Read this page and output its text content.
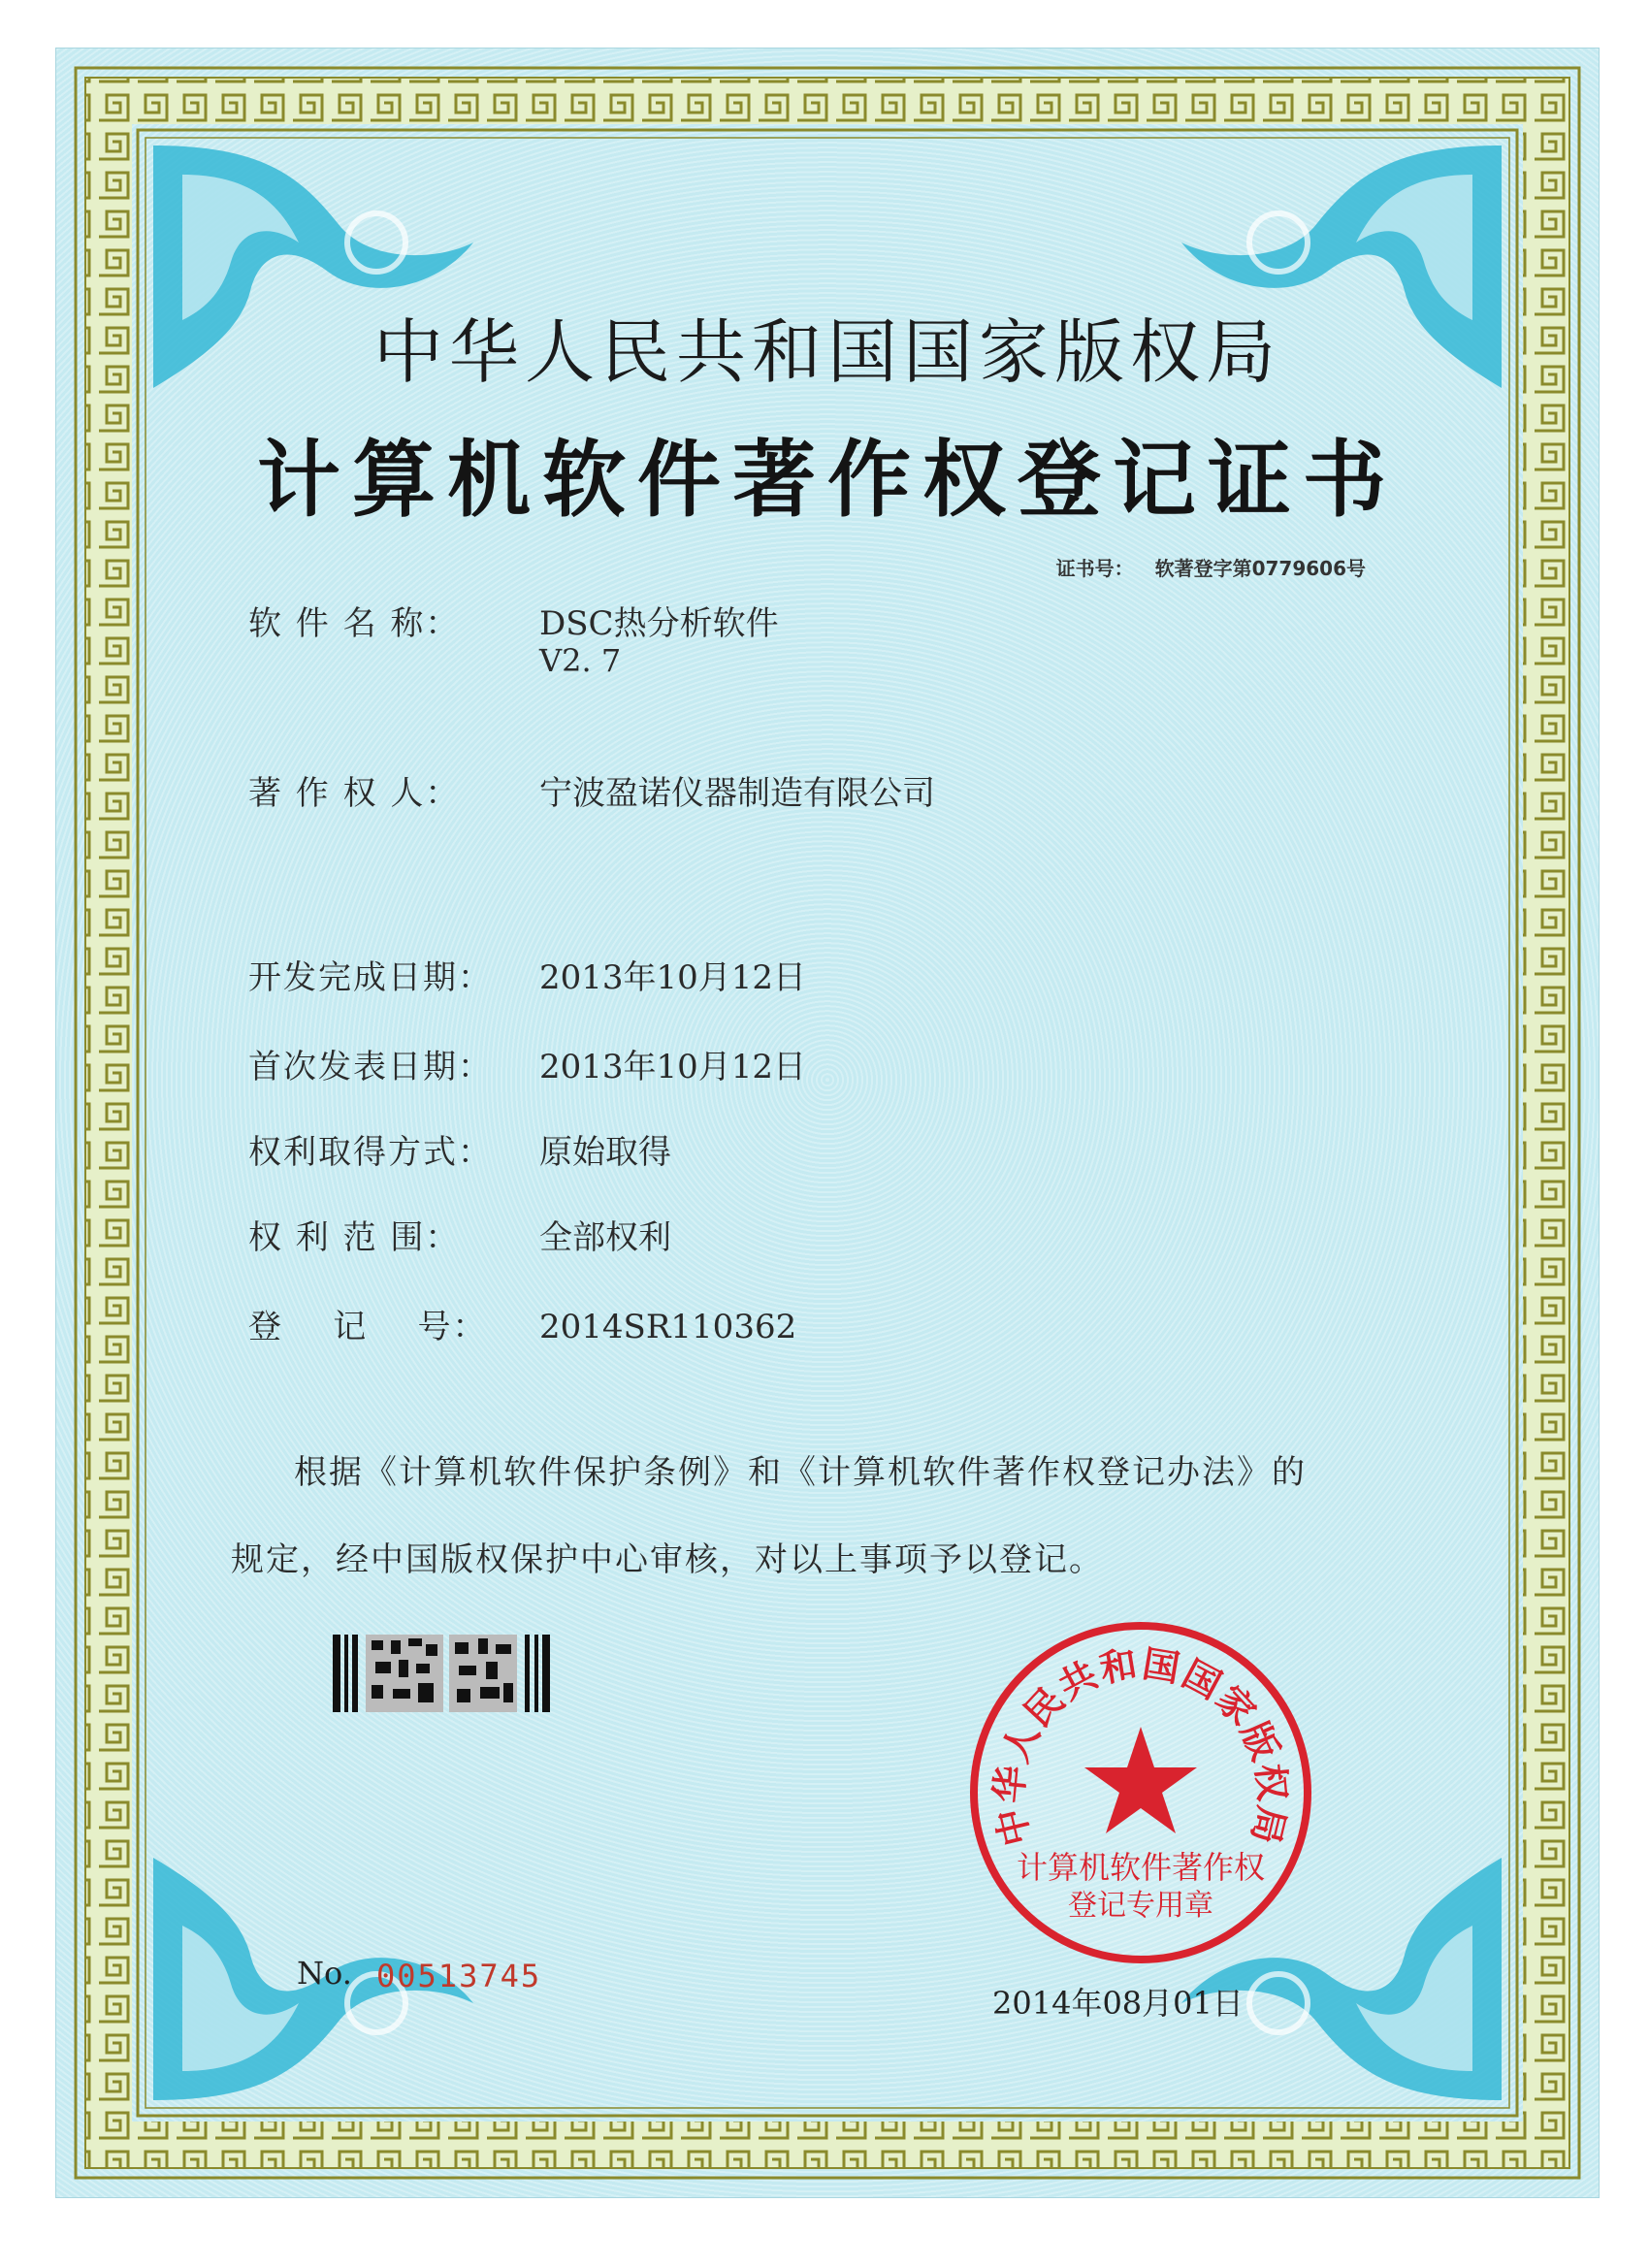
中华人民共和国国家版权局
计算机软件著作权登记证书
证书号： 软著登字第0779606号
软 件 名 称： DSC热分析软件
V2. 7
著 作 权 人： 宁波盈诺仪器制造有限公司
开发完成日期： 2013年10月12日
首次发表日期： 2013年10月12日
权利取得方式： 原始取得
权 利 范 围： 全部权利
登    记    号： 2014SR110362
根据《计算机软件保护条例》和《计算机软件著作权登记办法》的
规定，经中国版权保护中心审核，对以上事项予以登记。
No. 00513745
中华人民共和国国家版权局
计算机软件著作权
登记专用章
2014年08月01日
